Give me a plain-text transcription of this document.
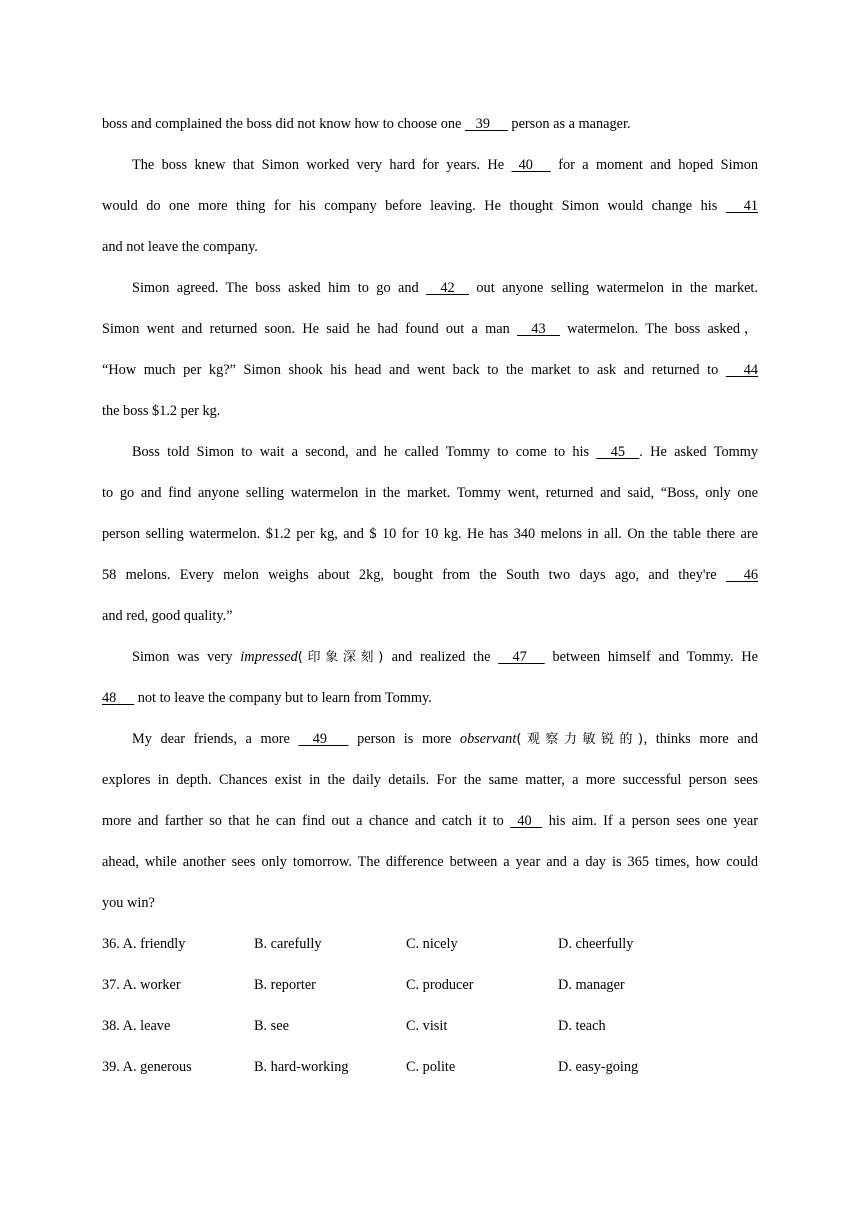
boss and complained the boss did not know how to choose one    39      person as a manager.
The boss knew that Simon worked very hard for years. He   40      for a moment and hoped Simon
would do one more thing for his company before leaving. He thought Simon would change his      41
and not leave the company.
Simon agreed. The boss asked him to go and     42     out anyone selling watermelon in the market.
Simon went and returned soon. He said he had found out a man     43     watermelon. The boss asked，
“How much per kg?” Simon shook his head and went back to the market to ask and returned to      44
the boss $1.2 per kg.
Boss told Simon to wait a second, and he called Tommy to come to his     45 . He asked Tommy
to go and find anyone selling watermelon in the market. Tommy went, returned and said, “Boss, only one
person selling watermelon. $1.2 per kg, and $ 10 for 10 kg. He has 340 melons in all. On the table there are
58 melons. Every melon weighs about 2kg, bought from the South two days ago, and they're      46
and red, good quality.”
Simon was very impressed(印象深刻) and realized the     47      between himself and Tommy. He
48      not to leave the company but to learn from Tommy.
My dear friends, a more     49       person is more observant(观察力敏锐的), thinks more and
explores in depth. Chances exist in the daily details. For the same matter, a more successful person sees
more and farther so that he can find out a chance and catch it to   40    his aim. If a person sees one year
ahead, while another sees only tomorrow. The difference between a year and a day is 365 times, how could
you win?
36. A. friendly	B. carefully	C. nicely	D. cheerfully
37. A. worker	B. reporter	C. producer	D. manager
38. A. leave	B. see	C. visit	D. teach
39. A. generous	B. hard-working	C. polite	D. easy-going
